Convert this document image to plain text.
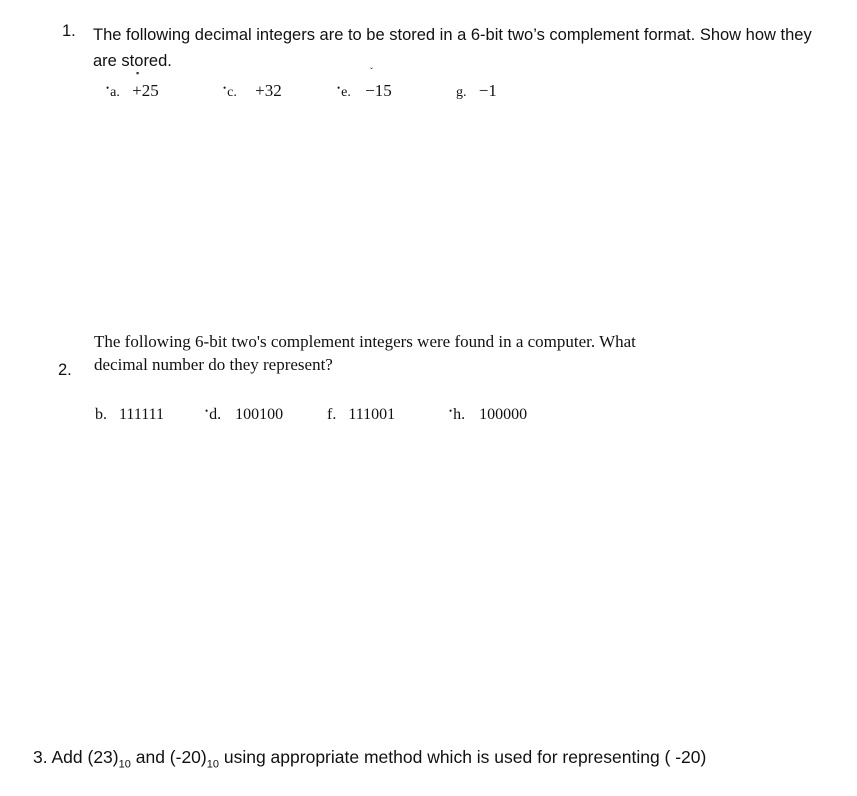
1. The following decimal integers are to be stored in a 6-bit two’s complement format. Show how they are stored.
▪	ˇ
•a. +25	•c. +32	•e. −15	g. −1
The following 6-bit two's complement integers were found in a computer. What decimal number do they represent?
2.
b. 111111	•d. 100100	f. 111001	•h. 100000
3. Add $(23)_{10}$ and $(-20)_{10}$ using appropriate method which is used for representing ( -20)
